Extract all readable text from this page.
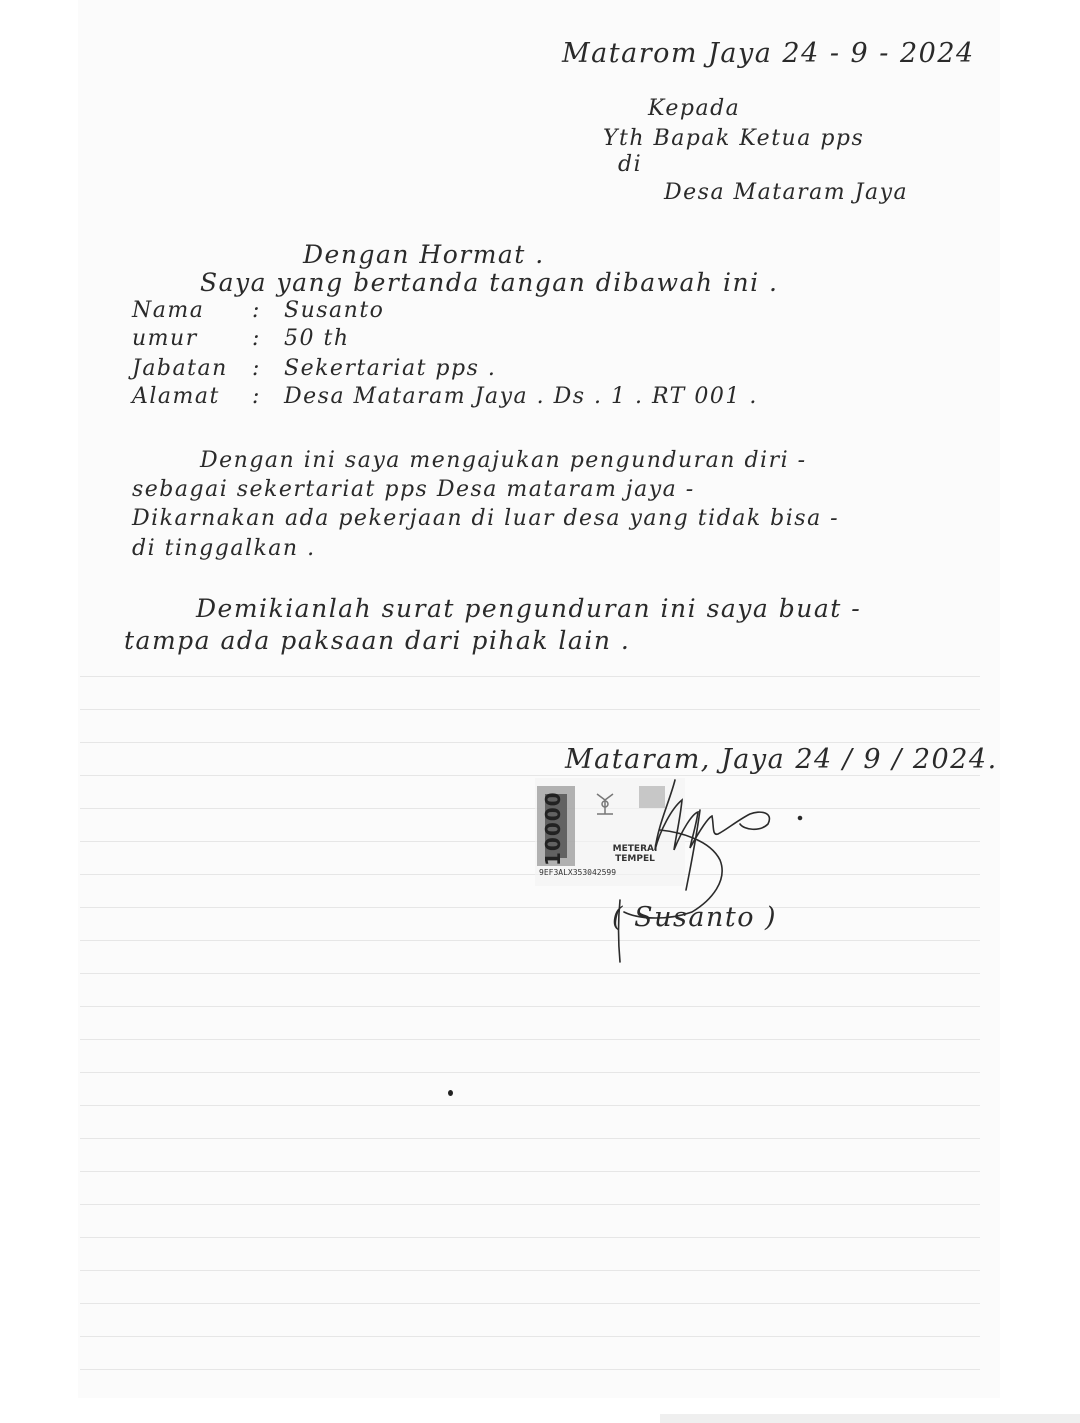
Matarom Jaya 24 - 9 - 2024
Kepada
Yth Bapak Ketua pps
di
Desa Mataram Jaya
Dengan Hormat .
Saya yang bertanda tangan dibawah ini .
Nama : Susanto
umur : 50 th
Jabatan : Sekertariat pps .
Alamat : Desa Mataram Jaya . Ds . 1 . RT 001 .
Dengan ini saya mengajukan pengunduran diri -
sebagai sekertariat pps Desa mataram jaya -
Dikarnakan ada pekerjaan di luar desa yang tidak bisa -
di tinggalkan .
Demikianlah surat pengunduran ini saya buat -
tampa ada paksaan dari pihak lain .
Mataram, Jaya 24 / 9 / 2024.
10000	METERAI TEMPEL
9EF3ALX353042599
( Susanto )
